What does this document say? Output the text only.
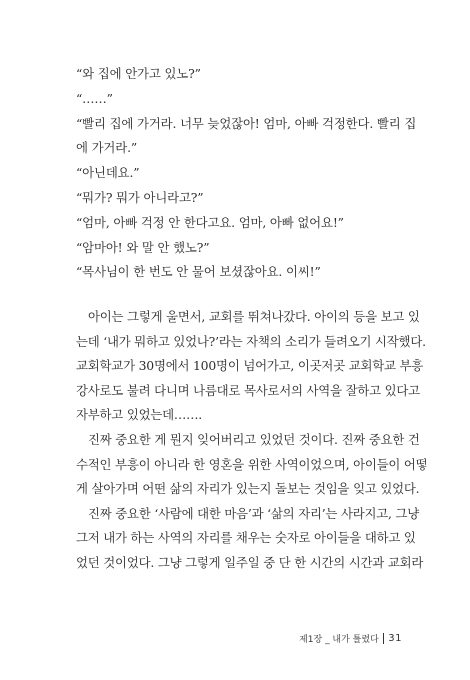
“와 집에 안가고 있노?”

“……”

“빨리 집에 가거라. 너무 늦었잖아! 엄마, 아빠 걱정한다. 빨리 집
에 가거라.”

“아닌데요.”

“뭐가? 뭐가 아니라고?”

“엄마, 아빠 걱정 안 한다고요. 엄마, 아빠 없어요!”

“암마아! 와 말 안 했노?”

“목사님이 한 번도 안 물어 보셨잖아요. 이씨!”

아이는 그렇게 울면서, 교회를 뛰쳐나갔다. 아이의 등을 보고 있
는데 ‘내가 뭐하고 있었나?’라는 자책의 소리가 들려오기 시작했다.
교회학교가 30명에서 100명이 넘어가고, 이곳저곳 교회학교 부흥
강사로도 불려 다니며 나름대로 목사로서의 사역을 잘하고 있다고
자부하고 있었는데…….

진짜 중요한 게 뭔지 잊어버리고 있었던 것이다. 진짜 중요한 건
수적인 부흥이 아니라 한 영혼을 위한 사역이었으며, 아이들이 어떻
게 살아가며 어떤 삶의 자리가 있는지 돌보는 것임을 잊고 있었다.

진짜 중요한 ‘사람에 대한 마음’과 ‘삶의 자리’는 사라지고, 그냥
그저 내가 하는 사역의 자리를 채우는 숫자로 아이들을 대하고 있
었던 것이었다. 그냥 그렇게 일주일 중 단 한 시간의 시간과 교회라

제1장 _ 내가 틀렸다 31
